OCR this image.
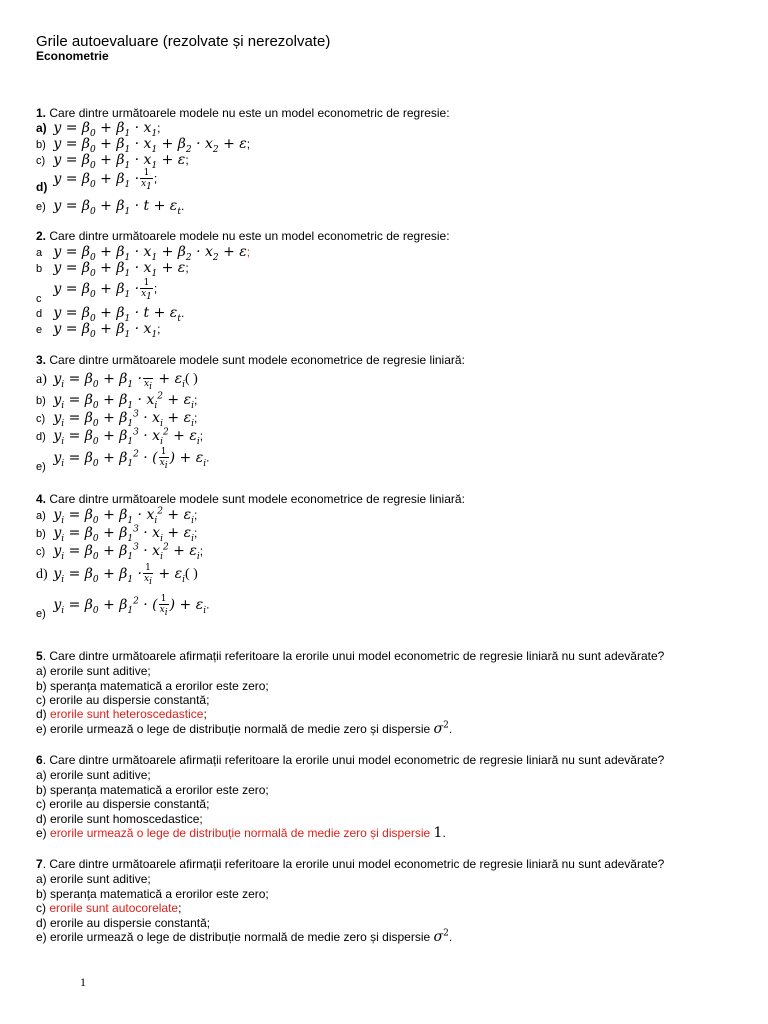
Grile autoevaluare (rezolvate și nerezolvate)
Econometrie
1. Care dintre următoarele modele nu este un model econometric de regresie:
a) $y = \beta_0 + \beta_1 \cdot x_1$;
b) $y = \beta_0 + \beta_1 \cdot x_1 + \beta_2 \cdot x_2 + \varepsilon$;
c) $y = \beta_0 + \beta_1 \cdot x_1 + \varepsilon$;
d) $y = \beta_0 + \beta_1 \cdot \frac{1}{x_1}$ ;
e) $y = \beta_0 + \beta_1 \cdot t + \varepsilon_t$.
2. Care dintre următoarele modele nu este un model econometric de regresie:
a $y = \beta_0 + \beta_1 \cdot x_1 + \beta_2 \cdot x_2 + \varepsilon$;
b $y = \beta_0 + \beta_1 \cdot x_1 + \varepsilon$;
c $y = \beta_0 + \beta_1 \cdot \frac{1}{x_1}$ ;
d $y = \beta_0 + \beta_1 \cdot t + \varepsilon_t$.
e $y = \beta_0 + \beta_1 \cdot x_1$;
3. Care dintre următoarele modele sunt modele econometrice de regresie liniară:
a) $y_i = \beta_0 + \beta_1$ ·
$x_i$
+ $\varepsilon_i$( )
b) $y_i = \beta_0 + \beta_1 \cdot x_i^2 + \varepsilon_i$;
c) $y_i = \beta_0 + \beta_1^3 \cdot x_i + \varepsilon_i$;
d) $y_i = \beta_0 + \beta_1^3 \cdot x_i^2 + \varepsilon_i$;
e) $y_i = \beta_0 + \beta_1^2$ · ( $\frac{1}{x_i}$ ) + $\varepsilon_i$.
4. Care dintre următoarele modele sunt modele econometrice de regresie liniară:
a) $y_i = \beta_0 + \beta_1 \cdot x_i^2 + \varepsilon_i$;
b) $y_i = \beta_0 + \beta_1^3 \cdot x_i + \varepsilon_i$;
c) $y_i = \beta_0 + \beta_1^3 \cdot x_i^2 + \varepsilon_i$;
d) $y_i = \beta_0 + \beta_1 \cdot \frac{1}{x_i} + \varepsilon_i$( )
e) $y_i = \beta_0 + \beta_1^2$ · ( $\frac{1}{x_i}$ ) + $\varepsilon_i$.
5. Care dintre următoarele afirmații referitoare la erorile unui model econometric de regresie liniară nu sunt adevărate?
a) erorile sunt aditive;
b) speranța matematică a erorilor este zero;
c) erorile au dispersie constantă;
d) erorile sunt heteroscedastice;
e) erorile urmează o lege de distribuție normală de medie zero și dispersie $\sigma^2$.
6. Care dintre următoarele afirmații referitoare la erorile unui model econometric de regresie liniară nu sunt adevărate?
a) erorile sunt aditive;
b) speranța matematică a erorilor este zero;
c) erorile au dispersie constantă;
d) erorile sunt homoscedastice;
e) erorile urmează o lege de distribuție normală de medie zero și dispersie 1.
7. Care dintre următoarele afirmații referitoare la erorile unui model econometric de regresie liniară nu sunt adevărate?
a) erorile sunt aditive;
b) speranța matematică a erorilor este zero;
c) erorile sunt autocorelate;
d) erorile au dispersie constantă;
e) erorile urmează o lege de distribuție normală de medie zero și dispersie $\sigma^2$.
1
